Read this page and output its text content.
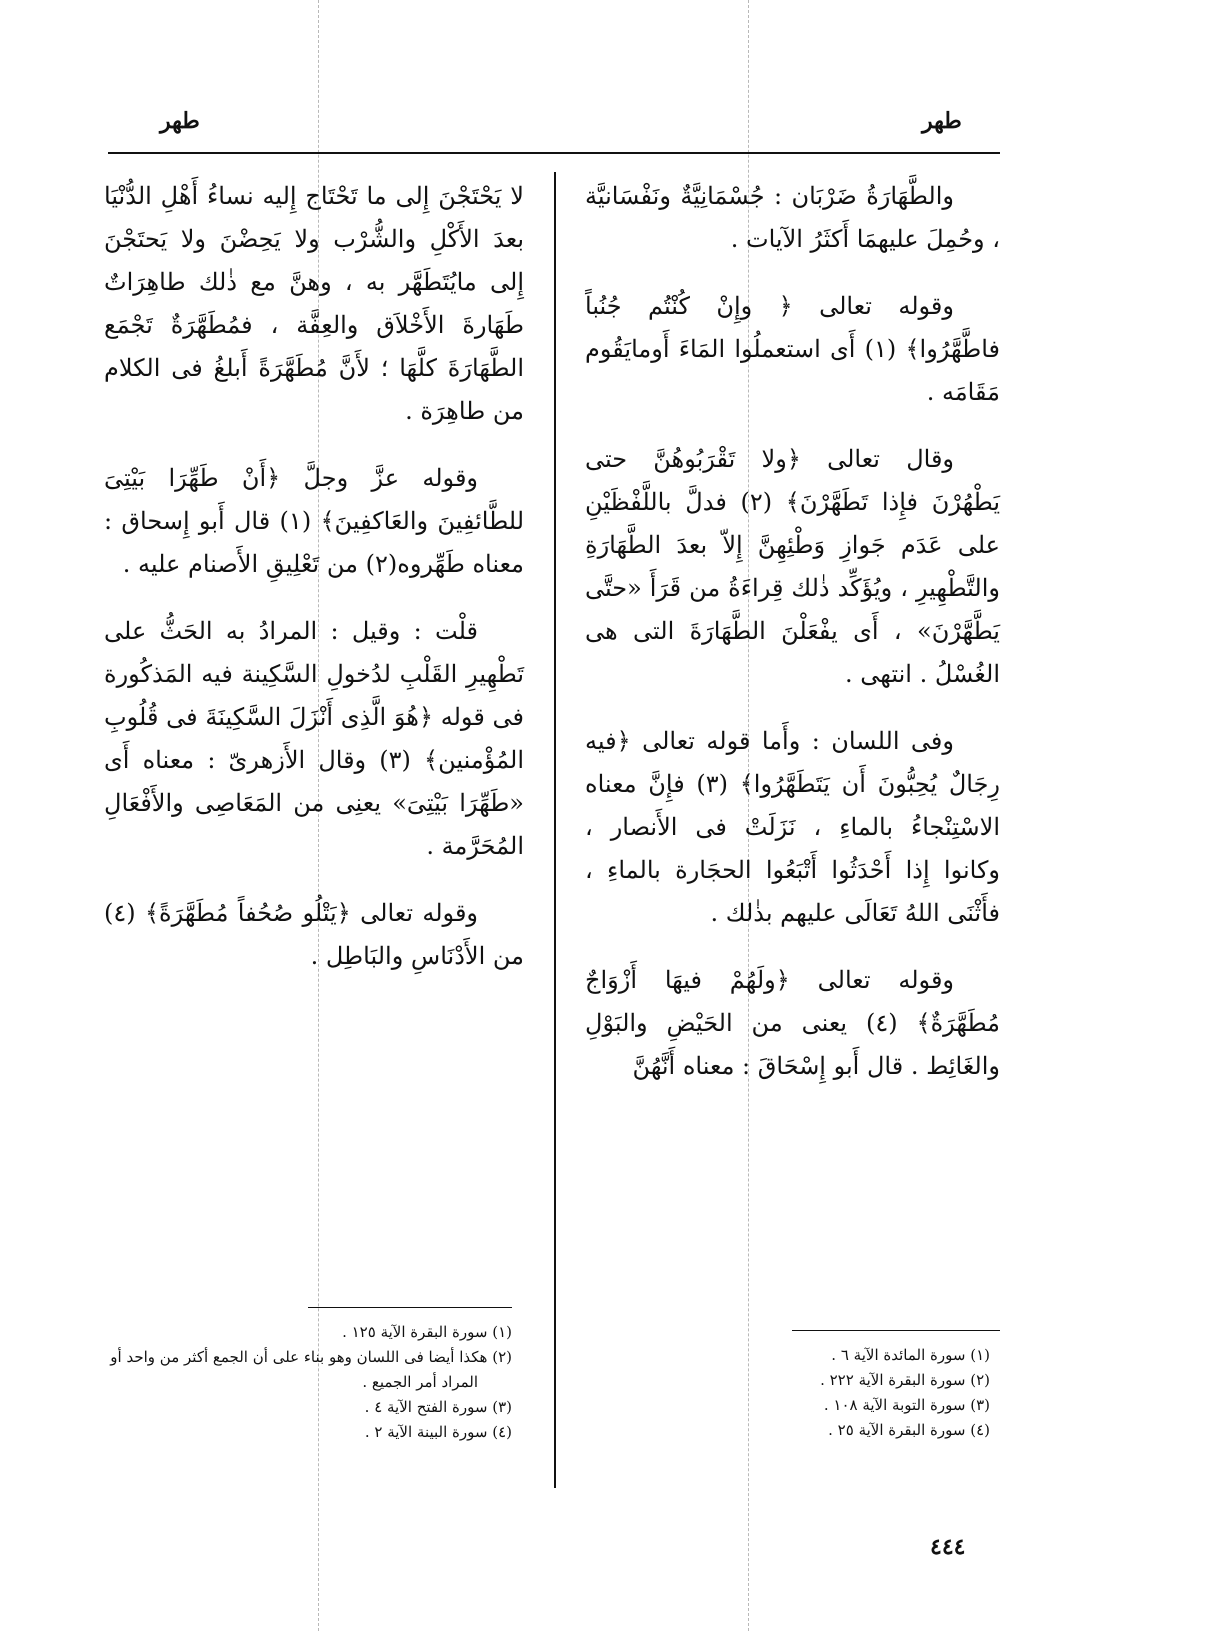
طهر
طهر

والطَّهَارَةُ ضَرْبَان : جُسْمَانِيَّةٌ ونَفْسَانيَّة ، وحُمِلَ عليهمَا أَكثَرُ الآيات .

وقوله تعالى ﴿ وإِنْ كُنْتُم جُنُباً فاطَّهَّرُوا﴾ (١) أَى استعملُوا المَاءَ أَومايَقُوم مَقَامَه .

وقال تعالى ﴿ولا تَقْرَبُوهُنَّ حتى يَطْهُرْنَ فإِذا تَطَهَّرْنَ﴾ (٢) فدلَّ باللَّفْظَيْنِ على عَدَم جَوازِ وَطْئِهِنَّ إِلاّ بعدَ الطَّهَارَةِ والتَّطْهِيرِ ، ويُؤَكِّد ذٰلك قِراءَةُ من قَرَأَ «حتَّى يَطَّهَّرْنَ» ، أَى يفْعَلْنَ الطَّهَارَةَ التى هى الغُسْلُ . انتهى .

وفى اللسان : وأَما قوله تعالى ﴿فيه رِجَالٌ يُحِبُّونَ أَن يَتَطَهَّرُوا﴾ (٣) فإِنَّ معناه الاسْتِنْجاءُ بالماءِ ، نَزَلَتْ فى الأَنصار ، وكانوا إِذا أَحْدَثُوا أَتْبَعُوا الحجَارة بالماءِ ، فأَثْنَى اللهُ تَعَالَى عليهم بذٰلك .

وقوله تعالى ﴿ولَهُمْ فيهَا أَزْوَاجٌ مُطَهَّرَةٌ﴾ (٤) يعنى من الحَيْضِ والبَوْلِ والغَائِط . قال أَبو إِسْحَاقَ : معناه أَنَّهُنَّ

(١) سورة المائدة الآية ٦ .
(٢) سورة البقرة الآية ٢٢٢ .
(٣) سورة التوبة الآية ١٠٨ .
(٤) سورة البقرة الآية ٢٥ .

لا يَحْتَجْنَ إِلى ما تَحْتَاج إِليه نساءُ أَهْلِ الدُّنْيَا بعدَ الأَكْلِ والشُّرْب ولا يَحِضْنَ ولا يَحتَجْنَ إِلى مايُتَطَهَّر به ، وهنَّ مع ذٰلك طاهِرَاتٌ طَهَارةَ الأَخْلاَق والعِفَّة ، فمُطَهَّرَةٌ تَجْمَع الطَّهَارَةَ كلَّهَا ؛ لأَنَّ مُطَهَّرَةً أَبلغُ فى الكلام من طاهِرَة .

وقوله عزَّ وجلَّ ﴿أَنْ طَهِّرَا بَيْتِىَ للطَّائفِينَ والعَاكفِينَ﴾ (١) قال أَبو إِسحاق : معناه طَهِّروه(٢) من تَعْلِيقِ الأَصنام عليه .

قلْت : وقيل : المرادُ به الحَثُّ على تَطْهِيرِ القَلْبِ لدُخولِ السَّكِينة فيه المَذكُورة فى قوله ﴿هُوَ الَّذِى أَنْزَلَ السَّكِينَةَ فى قُلُوبِ المُؤْمنين﴾ (٣) وقال الأَزهرىّ : معناه أَى «طَهِّرَا بَيْتِىَ» يعنِى من المَعَاصِى والأَفْعَالِ المُحَرَّمة .

وقوله تعالى ﴿يَتْلُو صُحُفاً مُطَهَّرَةً﴾ (٤) من الأَدْنَاسِ والبَاطِل .

(١) سورة البقرة الآية ١٢٥ .
(٢) هكذا أيضا فى اللسان وهو بناء على أن الجمع أكثر من واحد أو المراد أمر الجميع .
(٣) سورة الفتح الآية ٤ .
(٤) سورة البينة الآية ٢ .
٤٤٤
